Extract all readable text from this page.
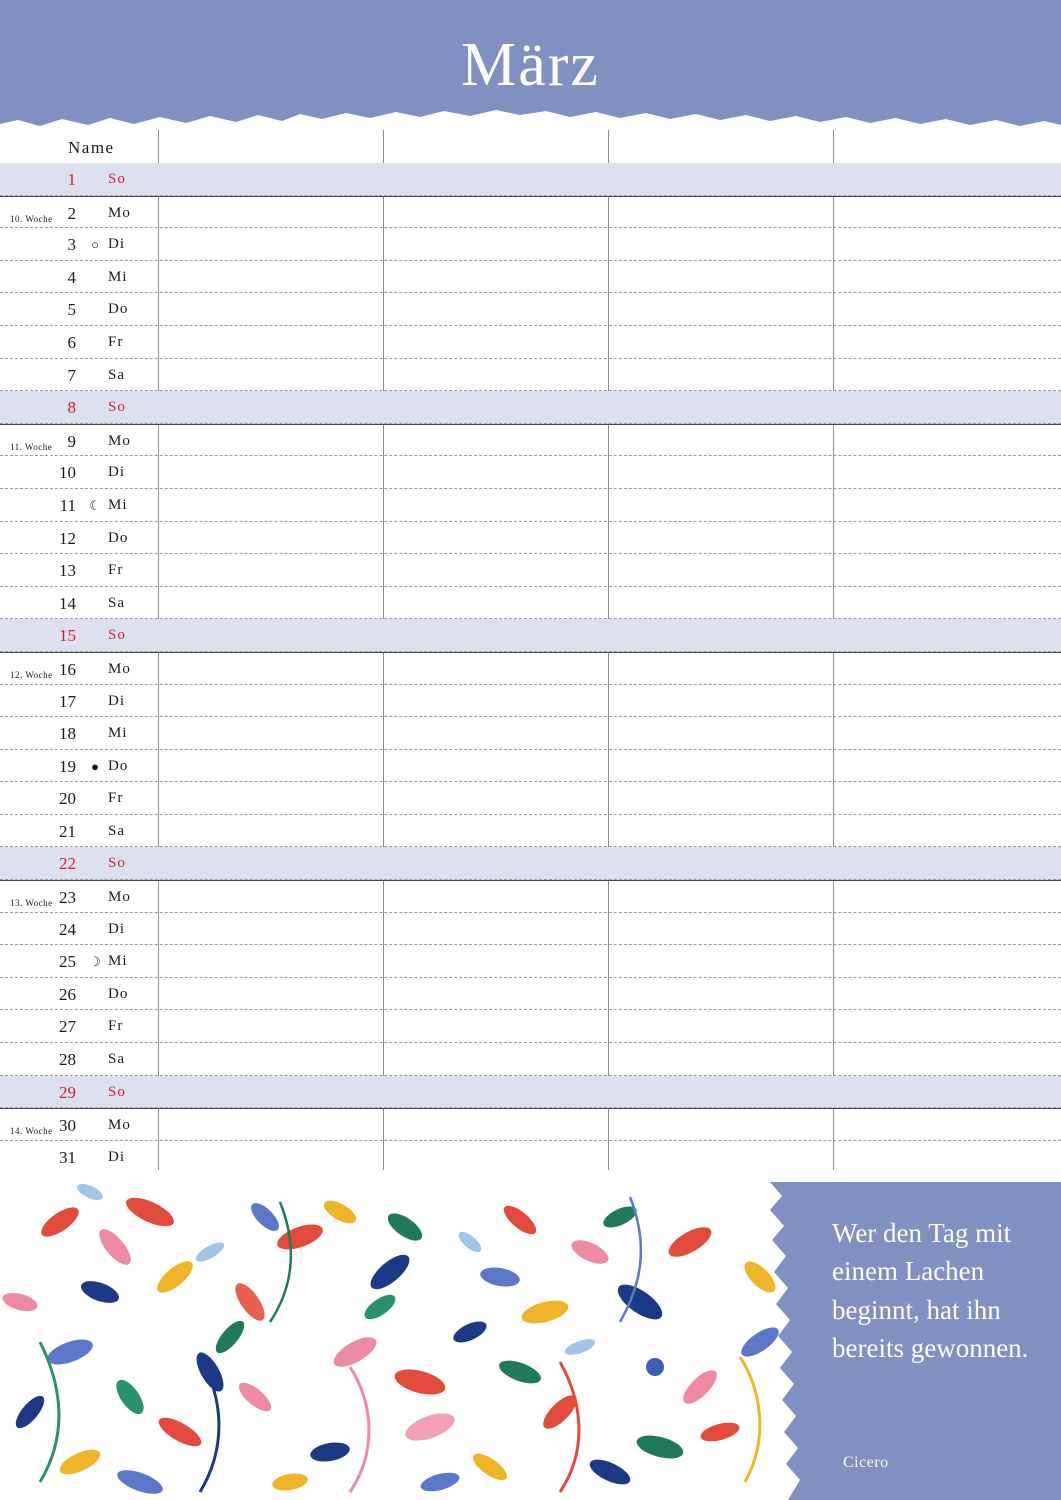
März
Name
1 So
10. Woche 2 Mo
3 ○ Di
4 Mi
5 Do
6 Fr
7 Sa
8 So
11. Woche 9 Mo
10 Di
11 ☾ Mi
12 Do
13 Fr
14 Sa
15 So
12. Woche 16 Mo
17 Di
18 Mi
19 ● Do
20 Fr
21 Sa
22 So
13. Woche 23 Mo
24 Di
25 ☽ Mi
26 Do
27 Fr
28 Sa
29 So
14. Woche 30 Mo
31 Di
Wer den Tag mit einem Lachen beginnt, hat ihn bereits gewonnen.
Cicero
